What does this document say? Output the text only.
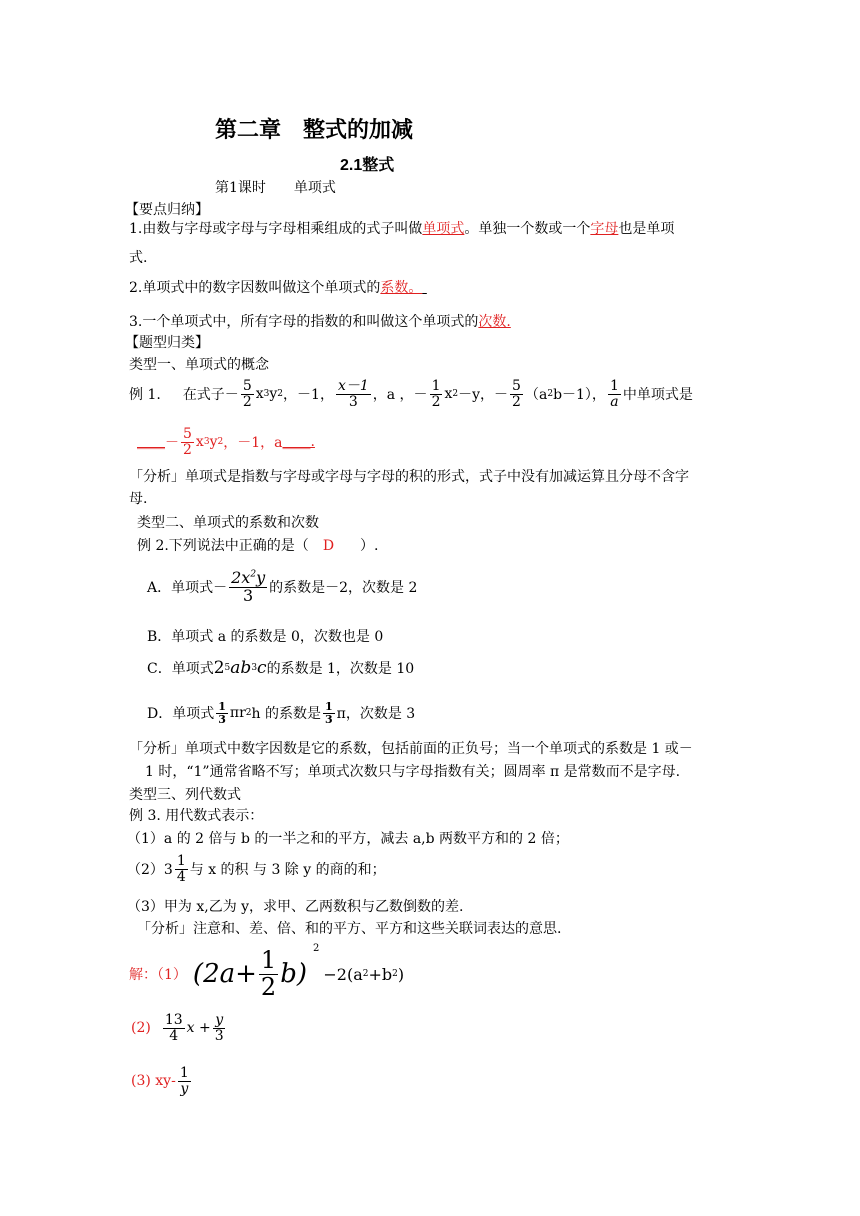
第二章　整式的加减
2.1整式
第1课时　　单项式
【要点归纳】
1.由数与字母或字母与字母相乘组成的式子叫做单项式。单独一个数或一个字母也是单项
式.
2.单项式中的数字因数叫做这个单项式的系数。
3.一个单项式中，所有字母的指数的和叫做这个单项式的次数.
【题型归类】
类型一、单项式的概念
例 1. 在式子－ $\frac{5}{2}$ x 3 y 2 ，－1， $\frac{x-1}{3}$ ，a ，－ $\frac{1}{2}$ x 2 －y，－ $\frac{5}{2} (a$ 2 b－1）， $\frac{1}{a}$ 中单项式是
____ － $\frac{5}{2}$ x 3 y 2 ，－1，a ____.
「分析」单项式是指数与字母或字母与字母的积的形式，式子中没有加减运算且分母不含字
母.
类型二、单项式的系数和次数
例 2.下列说法中正确的是（ D ）.
A．单项式 － $\frac{2x^2y}{3}$ 的系数是－2，次数是 2
B．单项式 a 的系数是 0，次数也是 0
C．单项式 2 5 ab 3 c 的系数是 1，次数是 10
D．单项式 $\frac{1}{3}$ πr 2 h 的系数是 $\frac{1}{3}$ π，次数是 3
「分析」单项式中数字因数是它的系数，包括前面的正负号；当一个单项式的系数是 1 或－
1 时，“1”通常省略不写；单项式次数只与字母指数有关；圆周率 π 是常数而不是字母.
类型三、列代数式
例 3. 用代数式表示：
（1）a 的 2 倍与 b 的一半之和的平方，减去 a,b 两数平方和的 2 倍；
$(2)3 \frac{1}{4}$ 与 x 的积 与 3 除 y 的商的和；
（3）甲为 x,乙为 y，求甲、乙两数积与乙数倒数的差.
「分析」注意和、差、倍、和的平方、平方和这些关联词表达的意思.
解：（1） $(2a+ \frac{1}{2} b)$
2
−2(a 2 +b 2 )
$(2) \frac{13}{4}$ $x + \frac{y}{3}$
(3) $xy- \frac{1}{y}$
